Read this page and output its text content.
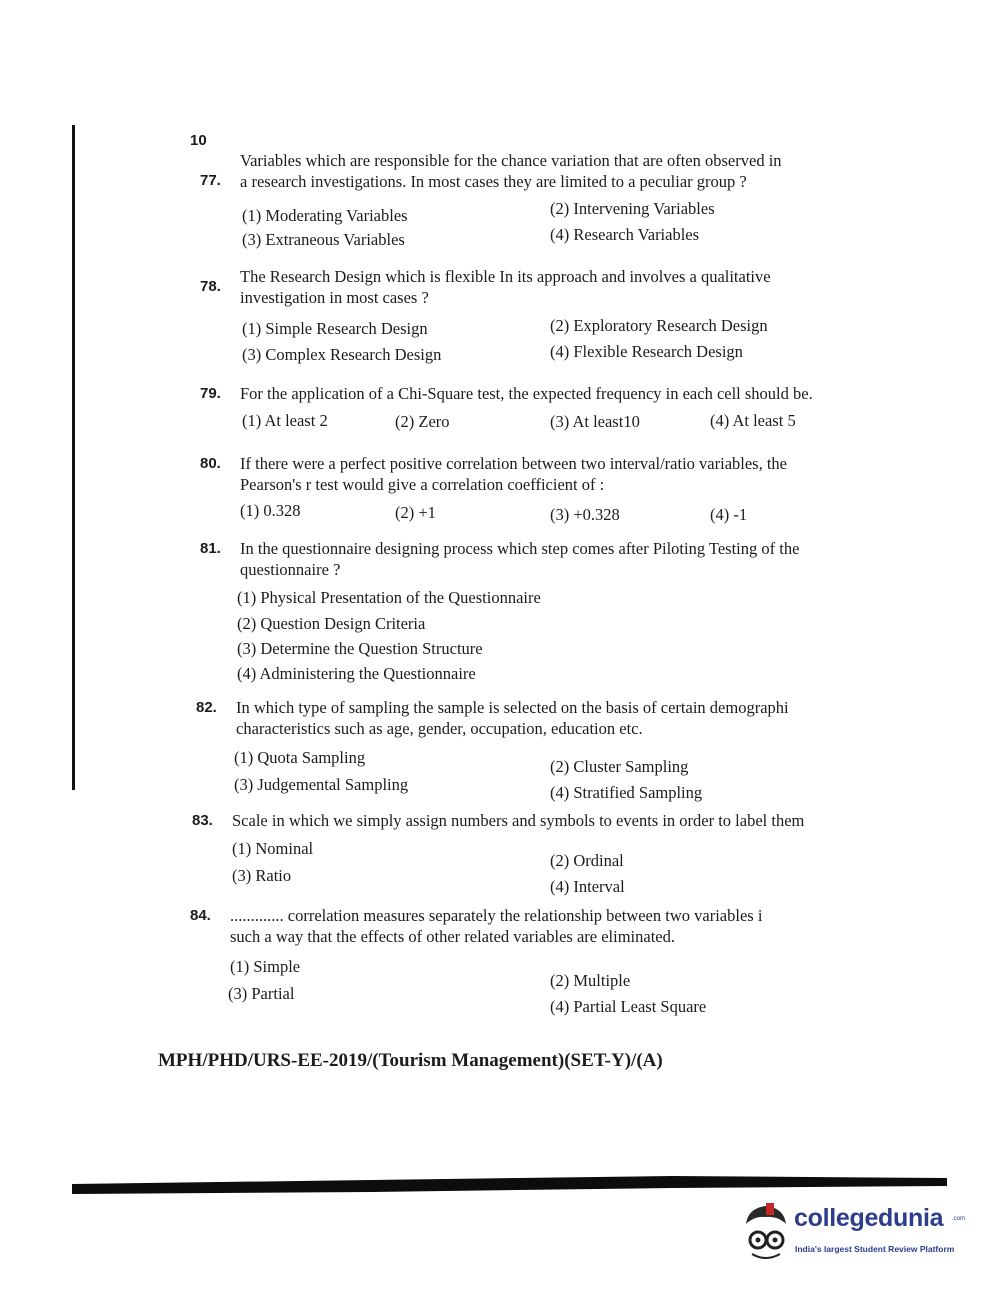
10
77.
Variables which are responsible for the chance variation that are often observed in
a research investigations. In most cases they are limited to a peculiar group ?
(1) Moderating Variables	(2) Intervening Variables
(3) Extraneous Variables	(4) Research Variables
78.
The Research Design which is flexible In its approach and involves a qualitative
investigation in most cases ?
(1) Simple Research Design	(2) Exploratory Research Design
(3) Complex Research Design	(4) Flexible Research Design
79. For the application of a Chi-Square test, the expected frequency in each cell should be.
(1) At least 2	(2) Zero	(3) At least10	(4) At least 5
80. If there were a perfect positive correlation between two interval/ratio variables, the
Pearson's r test would give a correlation coefficient of :
(1) 0.328	(2) +1	(3) +0.328	(4) -1
81. In the questionnaire designing process which step comes after Piloting Testing of the
questionnaire ?
(1) Physical Presentation of the Questionnaire
(2) Question Design Criteria
(3) Determine the Question Structure
(4) Administering the Questionnaire
82. In which type of sampling the sample is selected on the basis of certain demographi
characteristics such as age, gender, occupation, education etc.
(1) Quota Sampling	(2) Cluster Sampling
(3) Judgemental Sampling	(4) Stratified Sampling
83. Scale in which we simply assign numbers and symbols to events in order to label them
(1) Nominal
(2) Ordinal
(3) Ratio
(4) Interval
84. ............. correlation measures separately the relationship between two variables i
such a way that the effects of other related variables are eliminated.
(1) Simple
(2) Multiple
(3) Partial
(4) Partial Least Square
MPH/PHD/URS-EE-2019/(Tourism Management)(SET-Y)/(A)
collegedunia .com
India's largest Student Review Platform
